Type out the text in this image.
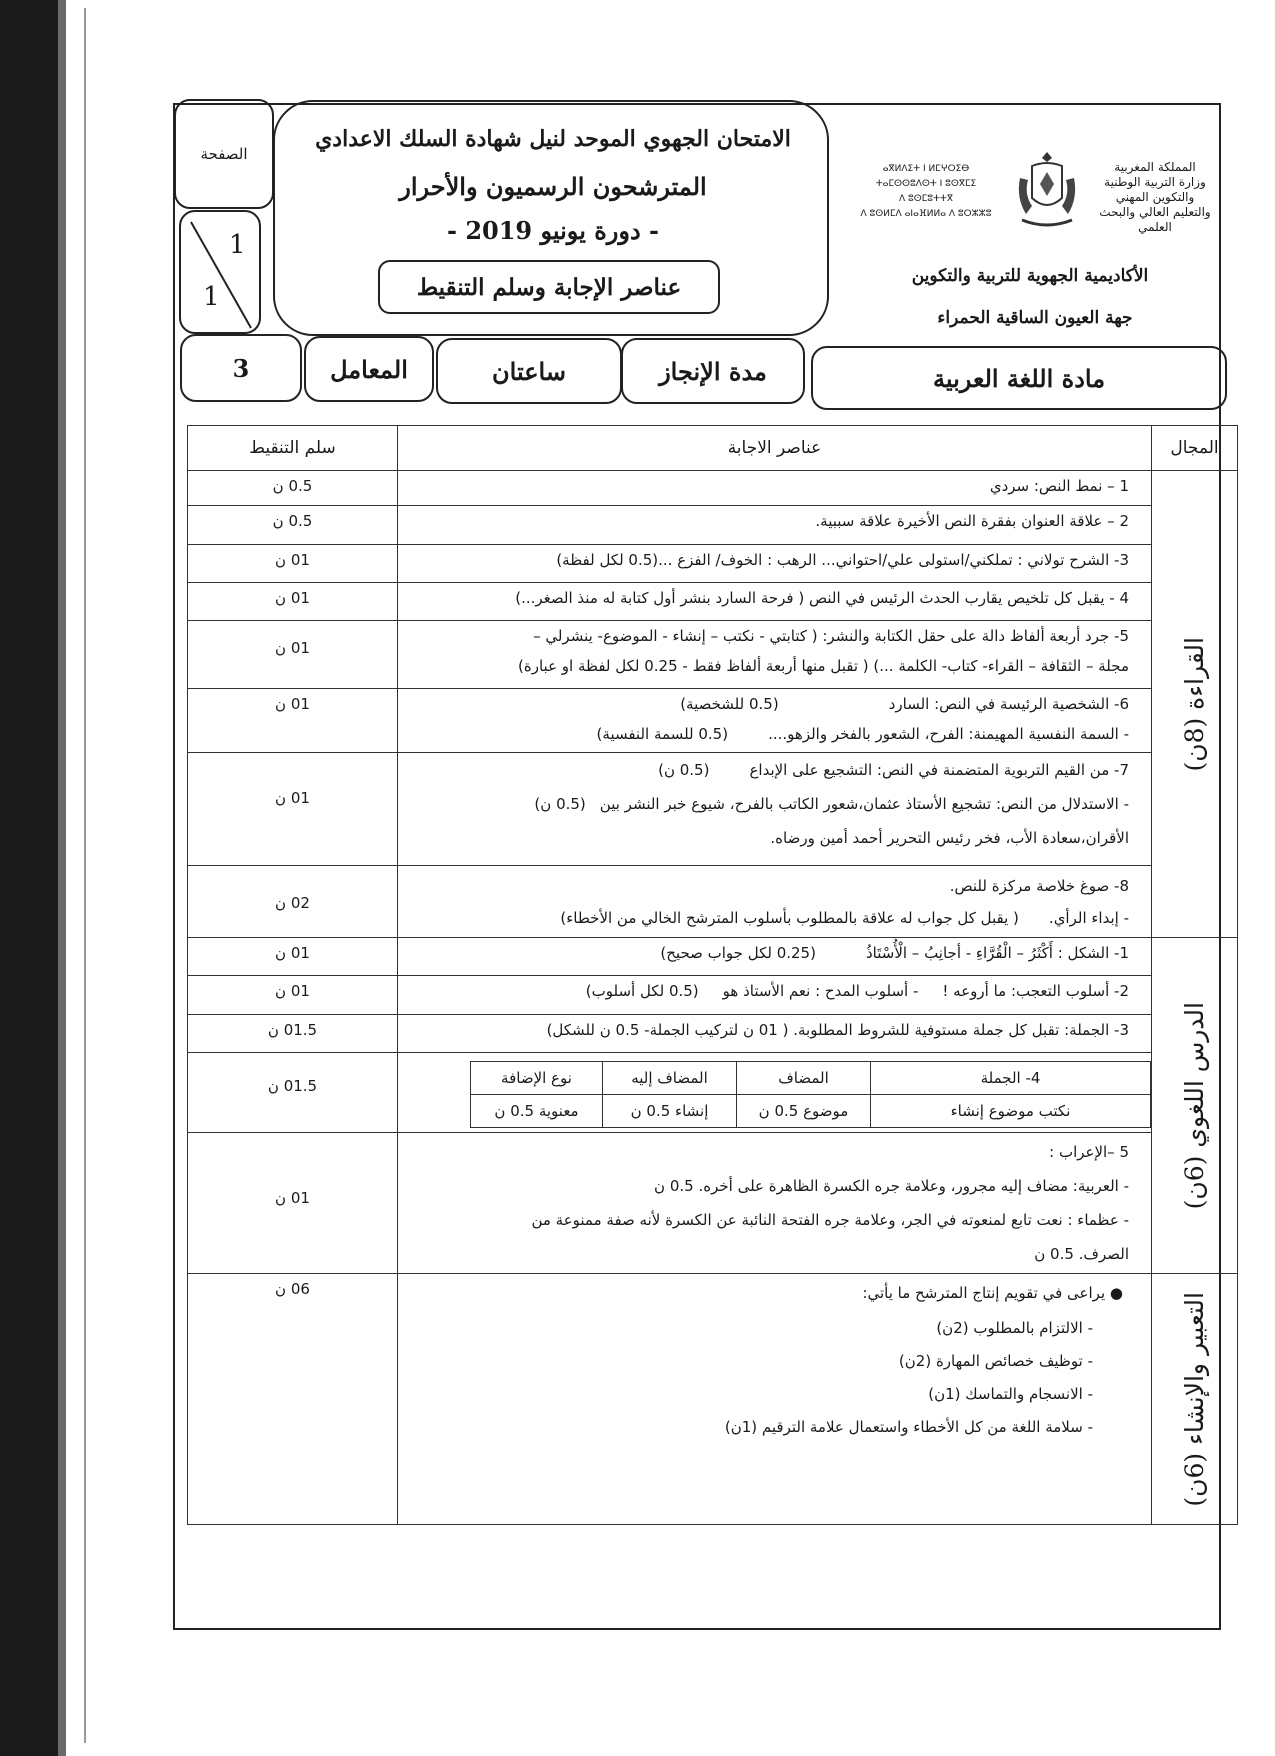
الصفحة
1
1
الامتحان الجهوي الموحد لنيل شهادة السلك الاعدادي
المترشحون الرسميون والأحرار
- دورة يونيو 2019 -
عناصر الإجابة وسلم التنقيط
المملكة المغربية
وزارة التربية الوطنية
والتكوين المهني
والتعليم العالي والبحث العلمي
ⴰⴳⵍⴷⵉⵜ ⵏ ⵍⵎⵖⵔⵉⴱ
ⵜⴰⵎⵙⵙⵓⴷⵙⵜ ⵏ ⵓⵙⴳⵎⵉ
ⴷ ⵓⵙⵎⵓⵜⵜⴳ
ⴷ ⵓⵙⵍⵎⴷ ⴰⵏⴰⴼⵍⵍⴰ ⴷ ⵓⵔⵣⵣⵓ
الأكاديمية الجهوية للتربية والتكوين
جهة العيون الساقية الحمراء
مادة اللغة العربية
مدة الإنجاز
ساعتان
المعامل
3
المجال	عناصر الاجابة	سلم التنقيط

القراءة (8ن)
	1 – نمط النص: سردي	
0.5 ن

2 – علاقة العنوان بفقرة النص الأخيرة علاقة سببية.	
0.5 ن

3- الشرح تولاني : تملكني/استولى علي/احتواني... الرهب : الخوف/ الفزع ...(0.5 لكل لفظة)	
01 ن

4 - يقبل كل تلخيص يقارب الحدث الرئيس في النص ( فرحة السارد بنشر أول كتابة له منذ الصغر...)	
01 ن

5- جرد أربعة ألفاظ دالة على حقل الكتابة والنشر: ( كتابتي - نكتب – إنشاء - الموضوع- ينشرلي –
مجلة – الثقافة – القراء- كتاب- الكلمة ...) ( تقبل منها أربعة ألفاظ فقط - 0.25 لكل لفظة او عبارة)

01 ن

6- الشخصية الرئيسة في النص: السارد(0.5 للشخصية)
- السمة النفسية المهيمنة: الفرح، الشعور بالفخر والزهو....(0.5 للسمة النفسية)

01 ن

7- من القيم التربوية المتضمنة في النص: التشجيع على الإبداع(0.5 ن)
- الاستدلال من النص: تشجيع الأستاذ عثمان،شعور الكاتب بالفرح، شيوع خبر النشر بين(0.5 ن)
الأقران،سعادة الأب، فخر رئيس التحرير أحمد أمين ورضاه.

01 ن

8- صوغ خلاصة مركزة للنص.
- إبداء الرأي.( يقبل كل جواب له علاقة بالمطلوب بأسلوب المترشح الخالي من الأخطاء)

02 ن

الدرس اللغوي (6ن)
	1- الشكل : أَكْثَرُ – الْقُرَّاءِ - أجانِبُ – الْأُسْتَاذُ(0.25 لكل جواب صحيح)	
01 ن

2- أسلوب التعجب: ما أروعه !- أسلوب المدح : نعم الأستاذ هو(0.5 لكل أسلوب)	
01 ن

3- الجملة: تقبل كل جملة مستوفية للشروط المطلوبة. ( 01 ن لتركيب الجملة- 0.5 ن للشكل)	
01.5 ن

4- الجملة	المضاف	المضاف إليه	نوع الإضافة
نكتب موضوع إنشاء	موضوع 0.5 ن	إنشاء 0.5 ن	معنوية 0.5 ن

01.5 ن

5 –الإعراب :
- العربية: مضاف إليه مجرور، وعلامة جره الكسرة الظاهرة على أخره. 0.5 ن
- عظماء : نعت تابع لمنعوته في الجر، وعلامة جره الفتحة النائبة عن الكسرة لأنه صفة ممنوعة من
الصرف. 0.5 ن

01 ن

التعبير والإنشاء (6ن)

● يراعى في تقويم إنتاج المترشح ما يأتي:
- الالتزام بالمطلوب (2ن)
- توظيف خصائص المهارة (2ن)
- الانسجام والتماسك (1ن)
- سلامة اللغة من كل الأخطاء واستعمال علامة الترقيم (1ن)

06 ن
